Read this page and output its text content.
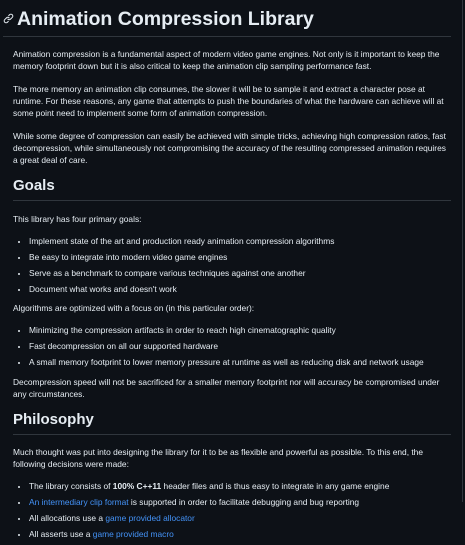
Animation Compression Library

Animation compression is a fundamental aspect of modern video game engines. Not only is it important to keep the memory footprint down but it is also critical to keep the animation clip sampling performance fast.

The more memory an animation clip consumes, the slower it will be to sample it and extract a character pose at runtime. For these reasons, any game that attempts to push the boundaries of what the hardware can achieve will at some point need to implement some form of animation compression.

While some degree of compression can easily be achieved with simple tricks, achieving high compression ratios, fast decompression, while simultaneously not compromising the accuracy of the resulting compressed animation requires a great deal of care.

Goals

This library has four primary goals:

• Implement state of the art and production ready animation compression algorithms
• Be easy to integrate into modern video game engines
• Serve as a benchmark to compare various techniques against one another
• Document what works and doesn't work

Algorithms are optimized with a focus on (in this particular order):

• Minimizing the compression artifacts in order to reach high cinematographic quality
• Fast decompression on all our supported hardware
• A small memory footprint to lower memory pressure at runtime as well as reducing disk and network usage

Decompression speed will not be sacrificed for a smaller memory footprint nor will accuracy be compromised under any circumstances.

Philosophy

Much thought was put into designing the library for it to be as flexible and powerful as possible. To this end, the following decisions were made:

• The library consists of 100% C++11 header files and is thus easy to integrate in any game engine
• An intermediary clip format is supported in order to facilitate debugging and bug reporting
• All allocations use a game provided allocator
• All asserts use a game provided macro
